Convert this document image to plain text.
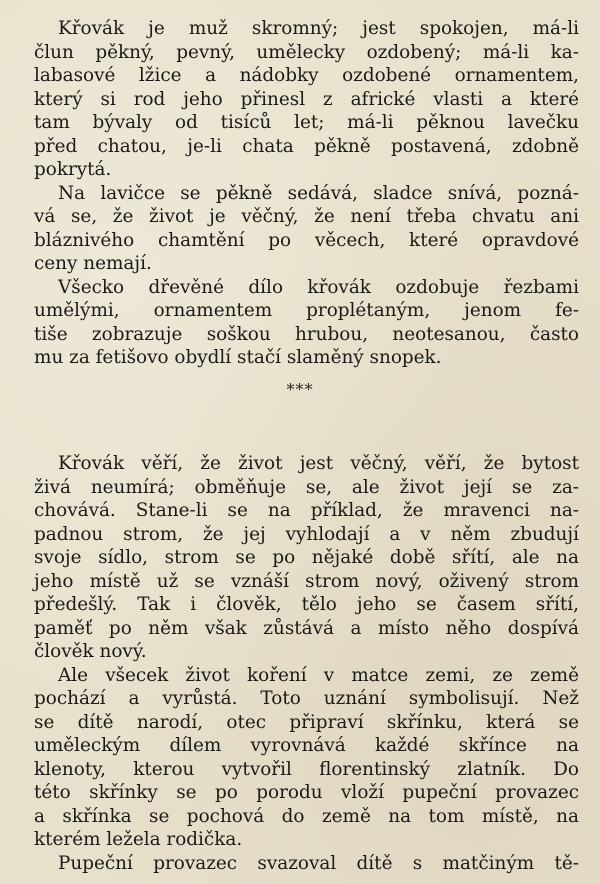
Křovák je muž skromný; jest spokojen, má-li
člun pěkný, pevný, umělecky ozdobený; má-li ka-
labasové lžice a nádobky ozdobené ornamentem,
který si rod jeho přinesl z africké vlasti a které
tam bývaly od tisíců let; má-li pěknou lavečku
před chatou, je-li chata pěkně postavená, zdobně
pokrytá.
Na lavičce se pěkně sedává, sladce snívá, pozná-
vá se, že život je věčný, že není třeba chvatu ani
bláznivého chamtění po věcech, které opravdové
ceny nemají.
Všecko dřevěné dílo křovák ozdobuje řezbami
umělými, ornamentem proplétaným, jenom fe-
tiše zobrazuje soškou hrubou, neotesanou, často
mu za fetišovo obydlí stačí slaměný snopek.
***
Křovák věří, že život jest věčný, věří, že bytost
živá neumírá; obměňuje se, ale život její se za-
chovává. Stane-li se na příklad, že mravenci na-
padnou strom, že jej vyhlodají a v něm zbudují
svoje sídlo, strom se po nějaké době sřítí, ale na
jeho místě už se vznáší strom nový, oživený strom
předešlý. Tak i člověk, tělo jeho se časem sřítí,
paměť po něm však zůstává a místo něho dospívá
člověk nový.
Ale všecek život koření v matce zemi, ze země
pochází a vyrůstá. Toto uznání symbolisují. Než
se dítě narodí, otec připraví skřínku, která se
uměleckým dílem vyrovnává každé skřínce na
klenoty, kterou vytvořil florentinský zlatník. Do
této skřínky se po porodu vloží pupeční provazec
a skřínka se pochová do země na tom místě, na
kterém ležela rodička.
Pupeční provazec svazoval dítě s matčiným tě-
